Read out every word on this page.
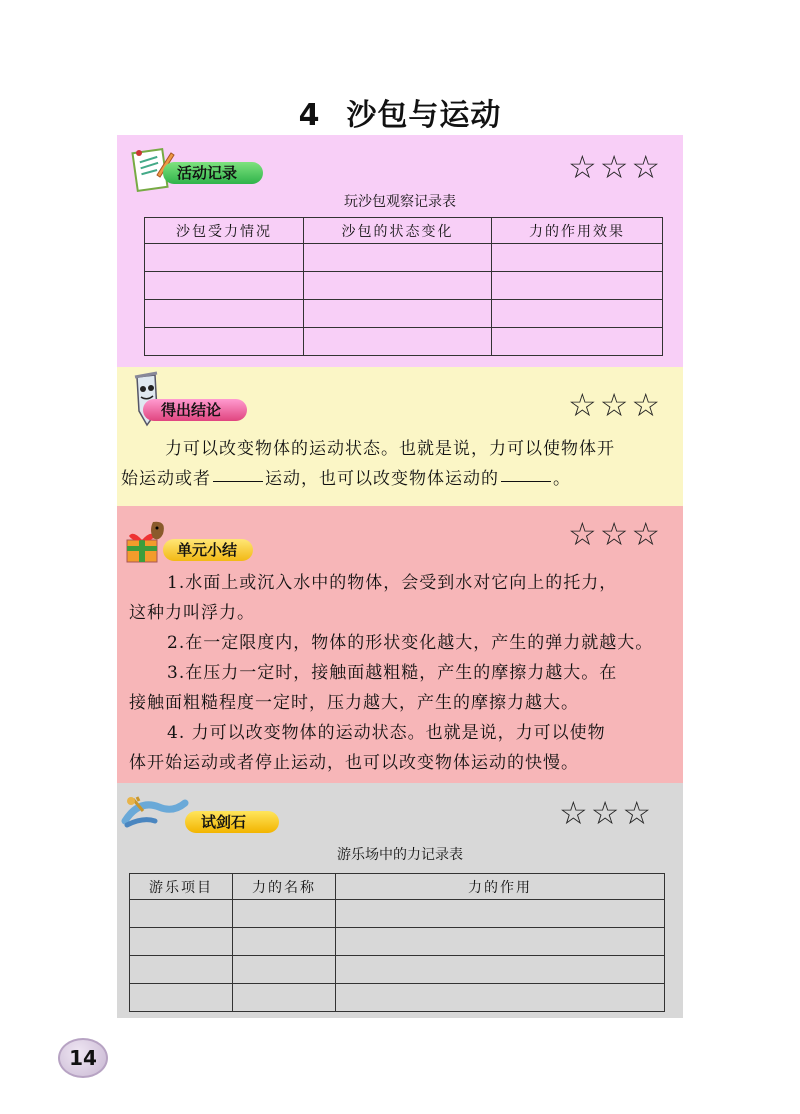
4 沙包与运动
活动记录	☆☆☆
玩沙包观察记录表
沙包受力情况	沙包的状态变化	力的作用效果

得出结论	☆☆☆
力可以改变物体的运动状态。也就是说，力可以使物体开
始运动或者	运动，也可以改变物体运动的	。
单元小结	☆☆☆
1.水面上或沉入水中的物体，会受到水对它向上的托力，
这种力叫浮力。
2.在一定限度内，物体的形状变化越大，产生的弹力就越大。
3.在压力一定时，接触面越粗糙，产生的摩擦力越大。在
接触面粗糙程度一定时，压力越大，产生的摩擦力越大。
4. 力可以改变物体的运动状态。也就是说，力可以使物
体开始运动或者停止运动，也可以改变物体运动的快慢。
试剑石	☆☆☆
游乐场中的力记录表
游乐项目	力的名称	力的作用

14
